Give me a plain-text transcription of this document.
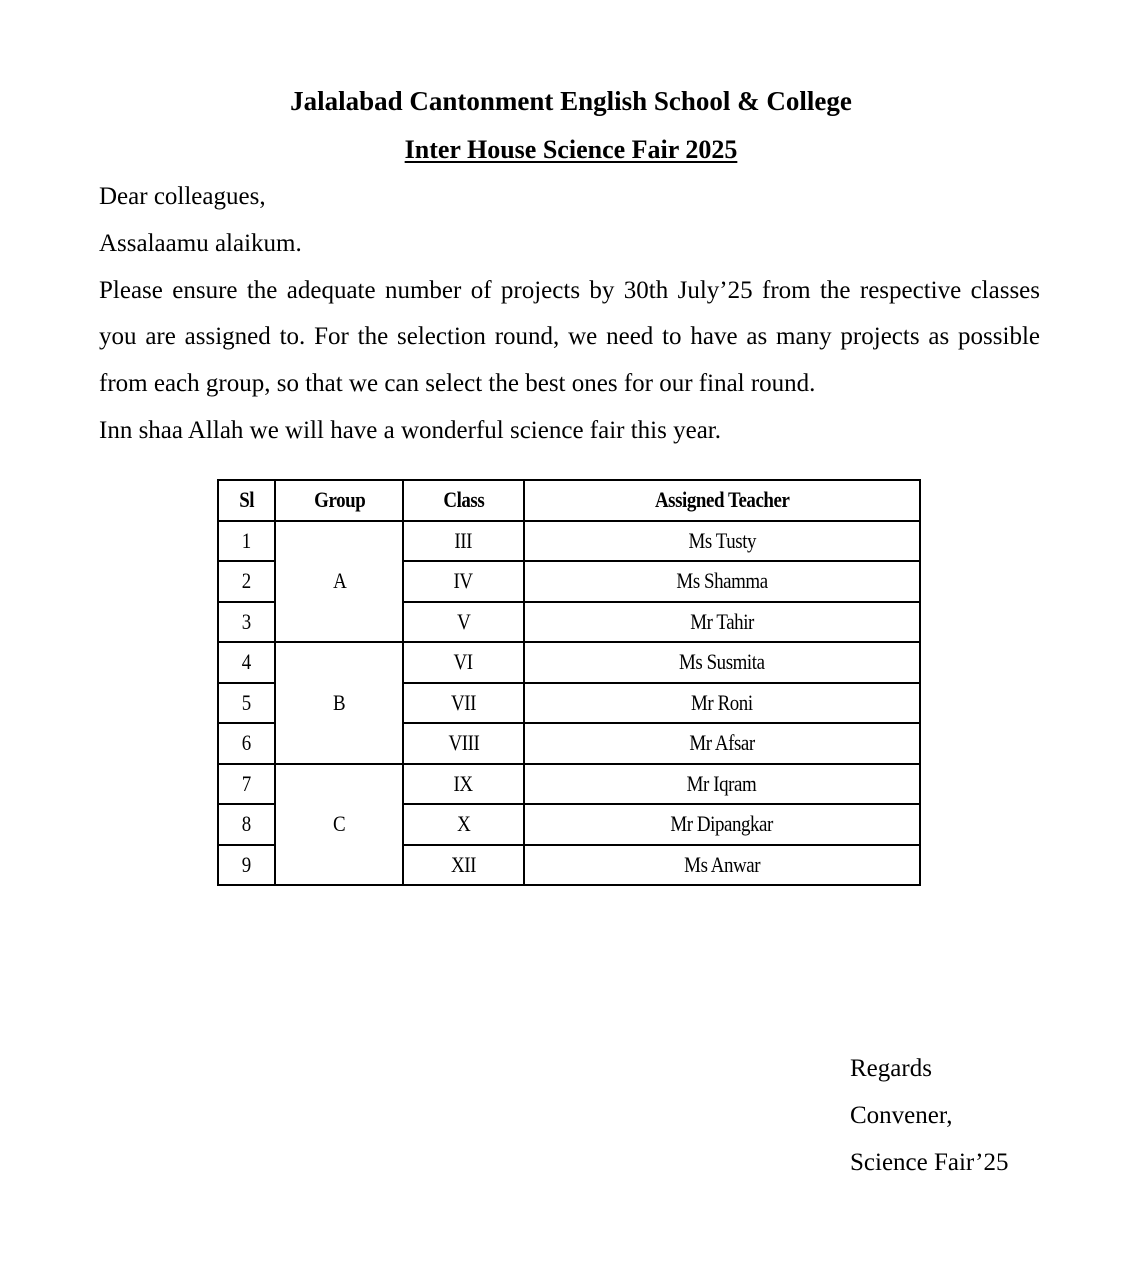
Jalalabad Cantonment English School & College
Inter House Science Fair 2025

Dear colleagues,

Assalaamu alaikum.

Please ensure the adequate number of projects by 30th July’25 from the respective classes you are assigned to. For the selection round, we need to have as many projects as possible from each group, so that we can select the best ones for our final round.

Inn shaa Allah we will have a wonderful science fair this year.

Sl	Group	Class	Assigned Teacher
1	A	III	Ms Tusty
2		IV	Ms Shamma
3		V	Mr Tahir
4	B	VI	Ms Susmita
5		VII	Mr Roni
6		VIII	Mr Afsar
7	C	IX	Mr Iqram
8		X	Mr Dipangkar
9		XII	Ms Anwar

Regards

Convener,

Science Fair’25
